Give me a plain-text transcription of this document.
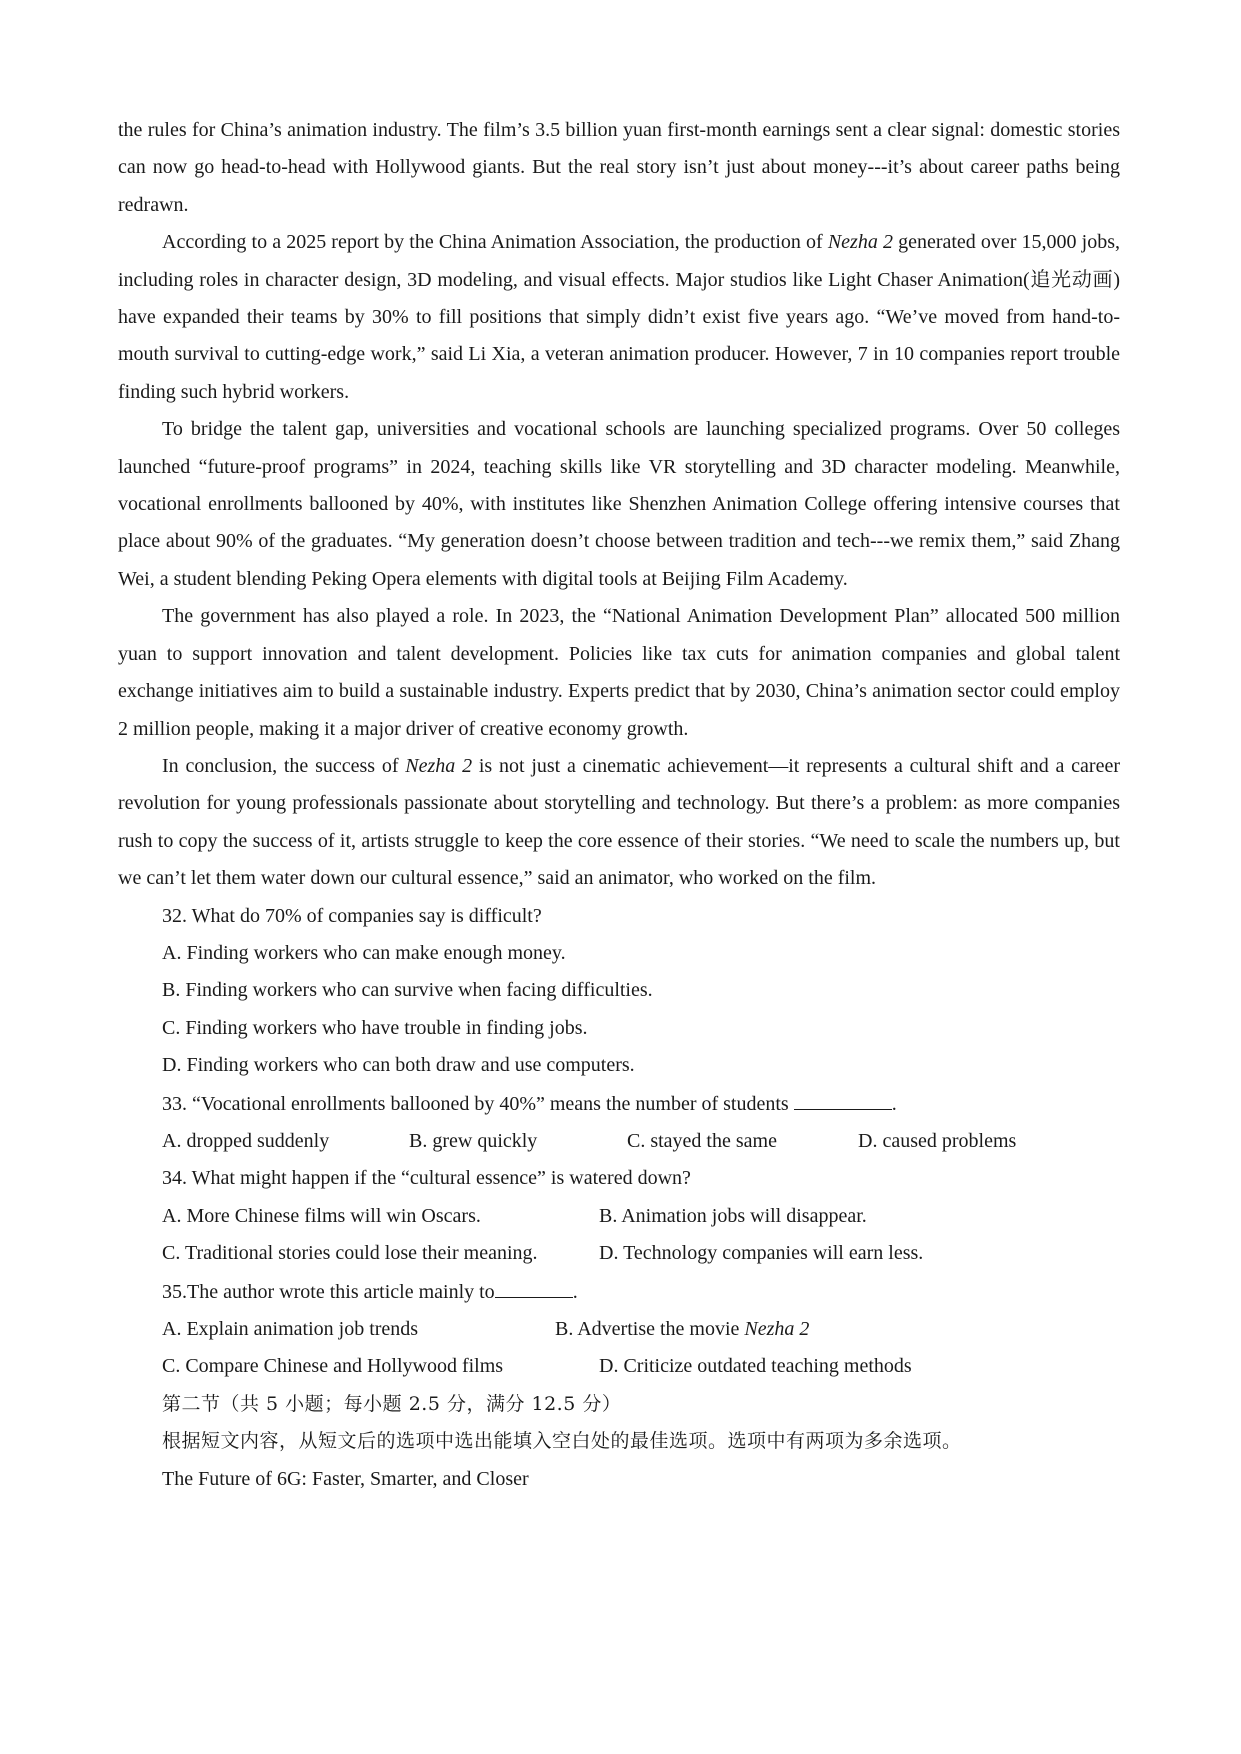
the rules for China’s animation industry. The film’s 3.5 billion yuan first-month earnings sent a clear signal: domestic stories can now go head-to-head with Hollywood giants. But the real story isn’t just about money---it’s about career paths being redrawn.

According to a 2025 report by the China Animation Association, the production of Nezha 2 generated over 15,000 jobs, including roles in character design, 3D modeling, and visual effects. Major studios like Light Chaser Animation(追光动画) have expanded their teams by 30% to fill positions that simply didn’t exist five years ago. “We’ve moved from hand-to-mouth survival to cutting-edge work,” said Li Xia, a veteran animation producer. However, 7 in 10 companies report trouble finding such hybrid workers.

To bridge the talent gap, universities and vocational schools are launching specialized programs. Over 50 colleges launched “future-proof programs” in 2024, teaching skills like VR storytelling and 3D character modeling. Meanwhile, vocational enrollments ballooned by 40%, with institutes like Shenzhen Animation College offering intensive courses that place about 90% of the graduates. “My generation doesn’t choose between tradition and tech---we remix them,” said Zhang Wei, a student blending Peking Opera elements with digital tools at Beijing Film Academy.

The government has also played a role. In 2023, the “National Animation Development Plan” allocated 500 million yuan to support innovation and talent development. Policies like tax cuts for animation companies and global talent exchange initiatives aim to build a sustainable industry. Experts predict that by 2030, China’s animation sector could employ 2 million people, making it a major driver of creative economy growth.

In conclusion, the success of Nezha 2 is not just a cinematic achievement—it represents a cultural shift and a career revolution for young professionals passionate about storytelling and technology. But there’s a problem: as more companies rush to copy the success of it, artists struggle to keep the core essence of their stories. “We need to scale the numbers up, but we can’t let them water down our cultural essence,” said an animator, who worked on the film.

32. What do 70% of companies say is difficult?
A. Finding workers who can make enough money.
B. Finding workers who can survive when facing difficulties.
C. Finding workers who have trouble in finding jobs.
D. Finding workers who can both draw and use computers.
33. “Vocational enrollments ballooned by 40%” means the number of students	.
A. dropped suddenly	B. grew quickly	C. stayed the same	D. caused problems
34. What might happen if the “cultural essence” is watered down?
A. More Chinese films will win Oscars.	B. Animation jobs will disappear.
C. Traditional stories could lose their meaning.	D. Technology companies will earn less.
35.The author wrote this article mainly to	.
A. Explain animation job trends	B. Advertise the movie Nezha 2
C. Compare Chinese and Hollywood films	D. Criticize outdated teaching methods
第二节（共 5 小题；每小题 2.5 分，满分 12.5 分）
根据短文内容，从短文后的选项中选出能填入空白处的最佳选项。选项中有两项为多余选项。
The Future of 6G: Faster, Smarter, and Closer
